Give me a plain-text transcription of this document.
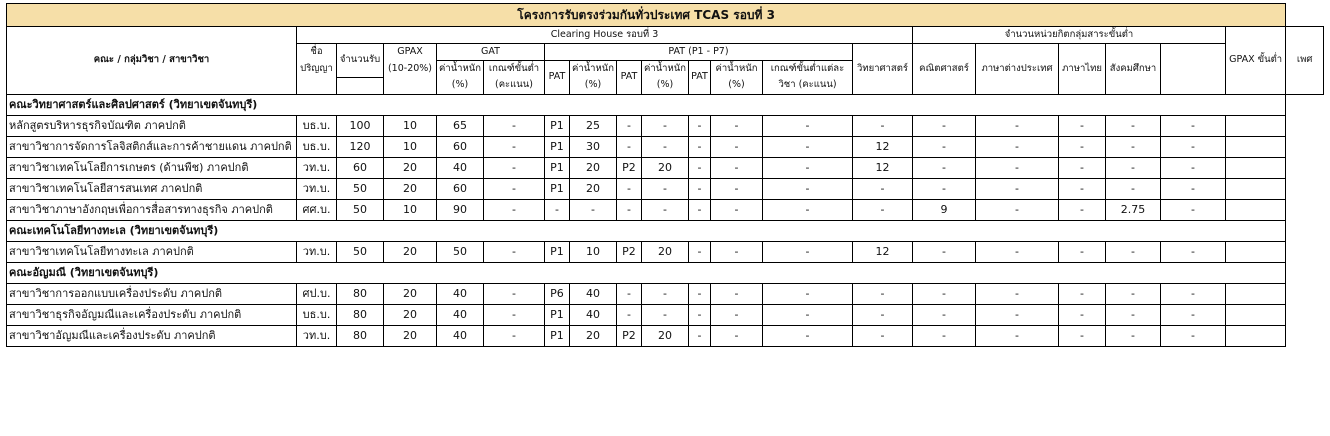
โครงการรับตรงร่วมกันทั่วประเทศ TCAS รอบที่ 3																				
คณะ / กลุ่มวิชา / สาขาวิชา	Clearing House รอบที่ 3													จำนวนหน่วยกิตกลุ่มสาระขั้นต่ำ					GPAX ขั้นต่ำ	เพศ
	ชื่อ	จำนวนรับ	GPAX	GAT		PAT (P1 - P7)							วิทยาศาสตร์	คณิตศาสตร์	ภาษาต่างประเทศ	ภาษาไทย	สังคมศึกษา			
	ปริญญา		(10-20%)	ค่าน้ำหนัก	เกณฑ์ขั้นต่ำ	PAT	ค่าน้ำหนัก	PAT	ค่าน้ำหนัก	PAT	ค่าน้ำหนัก	เกณฑ์ขั้นต่ำแต่ละ								
				(%)	(คะแนน)		(%)		(%)		(%)	วิชา (คะแนน)								
คณะวิทยาศาสตร์และศิลปศาสตร์ (วิทยาเขตจันทบุรี)																				
หลักสูตรบริหารธุรกิจบัณฑิต ภาคปกติ	บธ.บ.	100	10	65	-	P1	25	-	-	-	-	-	-	-	-	-	-	-		
สาขาวิชาการจัดการโลจิสติกส์และการค้าชายแดน ภาคปกติ	บธ.บ.	120	10	60	-	P1	30	-	-	-	-	-	12	-	-	-	-	-		
สาขาวิชาเทคโนโลยีการเกษตร (ด้านพืช) ภาคปกติ	วท.บ.	60	20	40	-	P1	20	P2	20	-	-	-	12	-	-	-	-	-		
สาขาวิชาเทคโนโลยีสารสนเทศ ภาคปกติ	วท.บ.	50	20	60	-	P1	20	-	-	-	-	-	-	-	-	-	-	-		
สาขาวิชาภาษาอังกฤษเพื่อการสื่อสารทางธุรกิจ ภาคปกติ	ศศ.บ.	50	10	90	-	-	-	-	-	-	-	-	-	9	-	-	2.75	-		
คณะเทคโนโลยีทางทะเล (วิทยาเขตจันทบุรี)																				
สาขาวิชาเทคโนโลยีทางทะเล ภาคปกติ	วท.บ.	50	20	50	-	P1	10	P2	20	-	-	-	12	-	-	-	-	-		
คณะอัญมณี (วิทยาเขตจันทบุรี)																				
สาขาวิชาการออกแบบเครื่องประดับ ภาคปกติ	ศป.บ.	80	20	40	-	P6	40	-	-	-	-	-	-	-	-	-	-	-		
สาขาวิชาธุรกิจอัญมณีและเครื่องประดับ ภาคปกติ	บธ.บ.	80	20	40	-	P1	40	-	-	-	-	-	-	-	-	-	-	-		
สาขาวิชาอัญมณีและเครื่องประดับ ภาคปกติ	วท.บ.	80	20	40	-	P1	20	P2	20	-	-	-	-	-	-	-	-	-		
